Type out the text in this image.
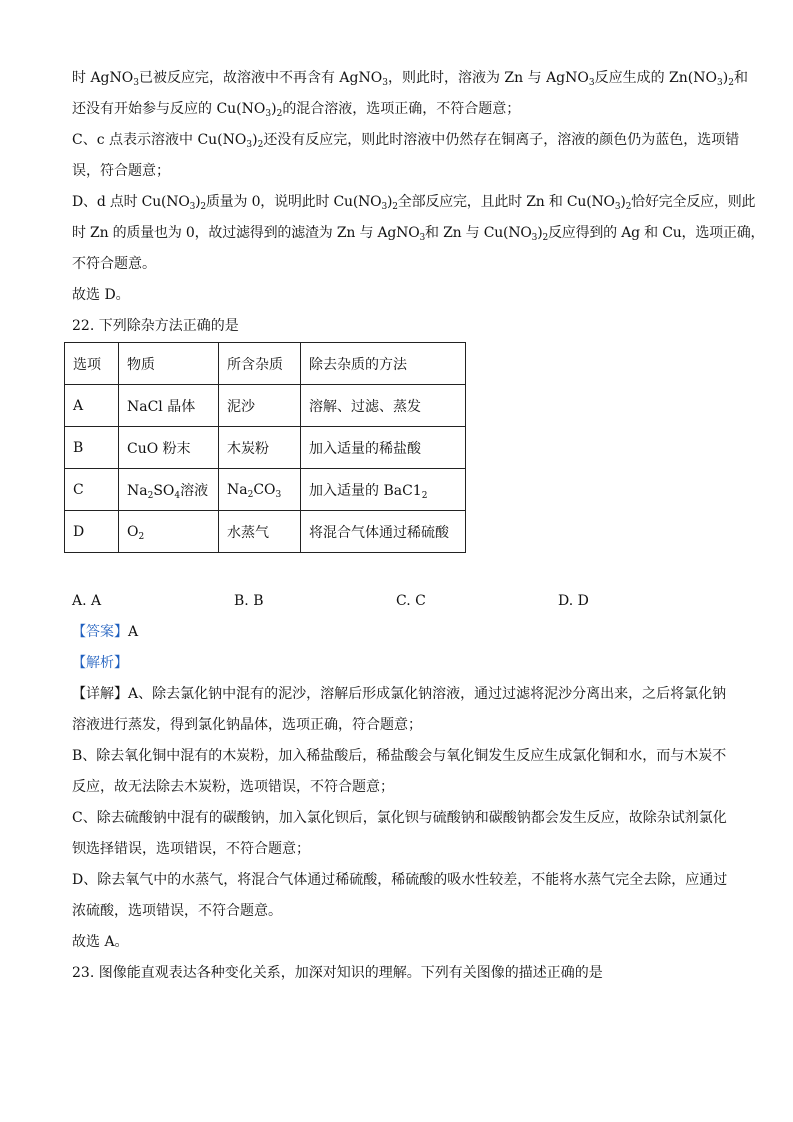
时 AgNO$_3$已被反应完，故溶液中不再含有 AgNO$_3$，则此时，溶液为 Zn 与 AgNO$_3$反应生成的 $Zn(NO_3)_2$和
还没有开始参与反应的 $Cu(NO_3)_2$的混合溶液，选项正确，不符合题意；
C、c 点表示溶液中 $Cu(NO_3)_2$还没有反应完，则此时溶液中仍然存在铜离子，溶液的颜色仍为蓝色，选项错
误，符合题意；
D、d 点时 $Cu(NO_3)_2$质量为 0，说明此时 $Cu(NO_3)_2$全部反应完，且此时 Zn 和 $Cu(NO_3)_2$恰好完全反应，则此
时 Zn 的质量也为 0，故过滤得到的滤渣为 Zn 与 AgNO$_3$和 Zn 与 $Cu(NO_3)_2$反应得到的 Ag 和 Cu，选项正确，
不符合题意。
故选 D。
22. 下列除杂方法正确的是
选项	物质	所含杂质	除去杂质的方法
A	NaCl 晶体	泥沙	溶解、过滤、蒸发
B	CuO 粉末	木炭粉	加入适量的稀盐酸
C	$Na_2SO_4$溶液	$Na_2CO_3$	加入适量的 $BaC1_2$
D	$O_2$	水蒸气	将混合气体通过稀硫酸
A. A	B. B	C. C	D. D
【答案】A
【解析】
【详解】A、除去氯化钠中混有的泥沙，溶解后形成氯化钠溶液，通过过滤将泥沙分离出来，之后将氯化钠
溶液进行蒸发，得到氯化钠晶体，选项正确，符合题意；
B、除去氧化铜中混有的木炭粉，加入稀盐酸后，稀盐酸会与氧化铜发生反应生成氯化铜和水，而与木炭不
反应，故无法除去木炭粉，选项错误，不符合题意；
C、除去硫酸钠中混有的碳酸钠，加入氯化钡后，氯化钡与硫酸钠和碳酸钠都会发生反应，故除杂试剂氯化
钡选择错误，选项错误，不符合题意；
D、除去氧气中的水蒸气，将混合气体通过稀硫酸，稀硫酸的吸水性较差，不能将水蒸气完全去除，应通过
浓硫酸，选项错误，不符合题意。
故选 A。
23. 图像能直观表达各种变化关系，加深对知识的理解。下列有关图像的描述正确的是
